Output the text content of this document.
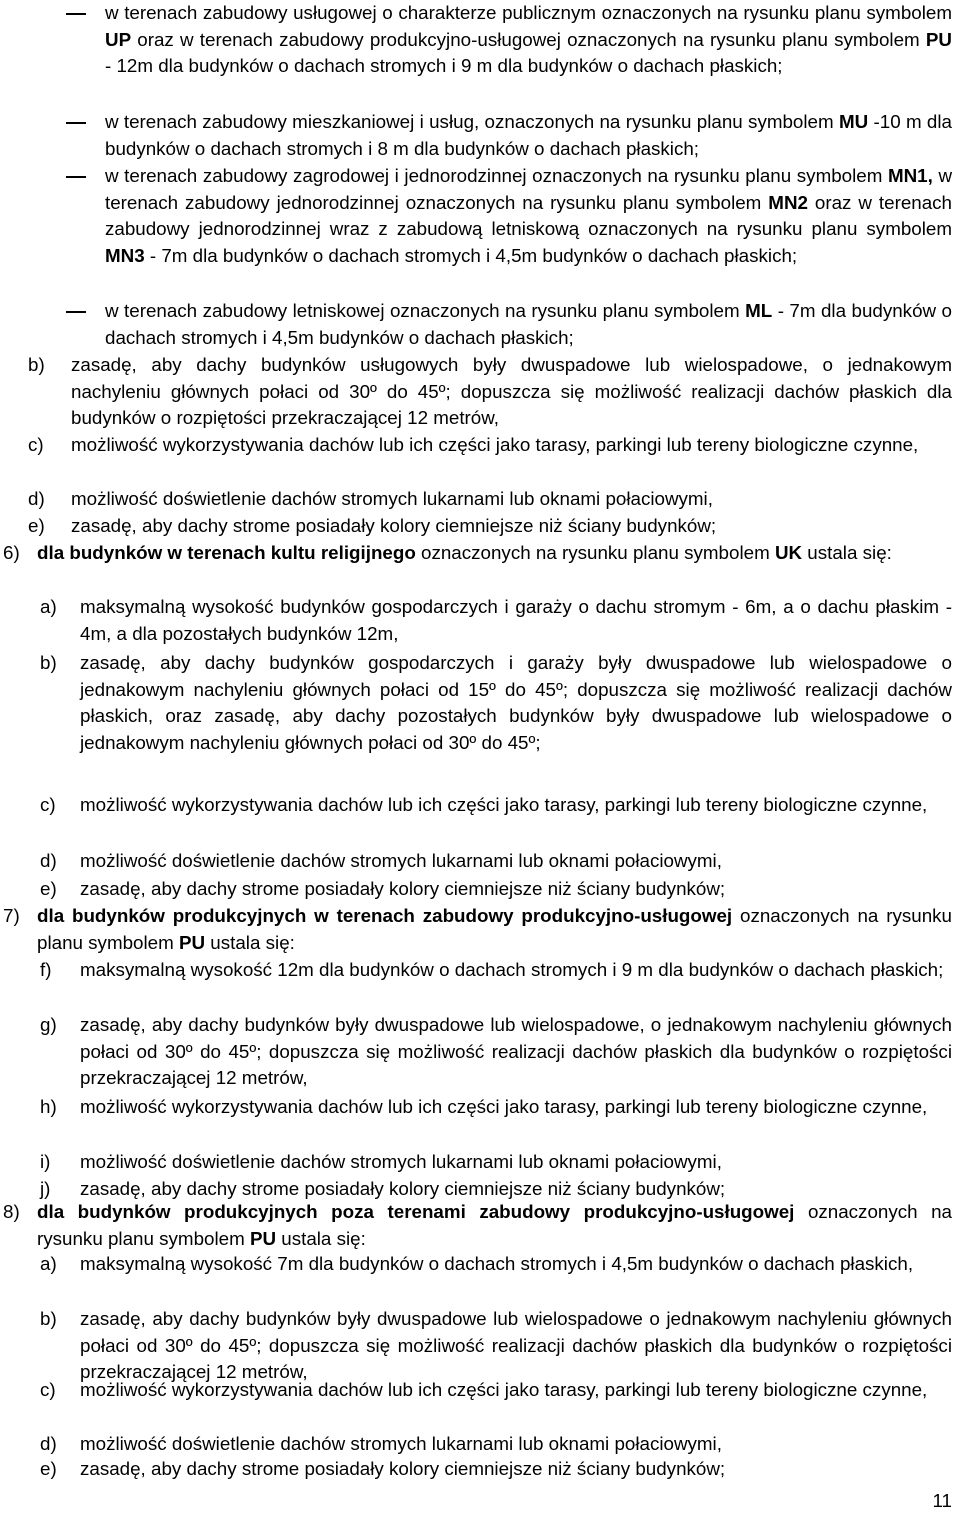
w terenach zabudowy usługowej o charakterze publicznym oznaczonych na rysunku planu symbolem UP oraz w terenach zabudowy produkcyjno-usługowej oznaczonych na rysunku planu symbolem PU - 12m dla budynków o dachach stromych i 9 m dla budynków o dachach płaskich;
w terenach zabudowy mieszkaniowej i usług, oznaczonych na rysunku planu symbolem MU -10 m dla budynków o dachach stromych i 8 m dla budynków o dachach płaskich;
w terenach zabudowy zagrodowej i jednorodzinnej oznaczonych na rysunku planu symbolem MN1, w terenach zabudowy jednorodzinnej oznaczonych na rysunku planu symbolem MN2 oraz w terenach zabudowy jednorodzinnej wraz z zabudową letniskową oznaczonych na rysunku planu symbolem MN3 - 7m dla budynków o dachach stromych i 4,5m budynków o dachach płaskich;
w terenach zabudowy letniskowej oznaczonych na rysunku planu symbolem ML - 7m dla budynków o dachach stromych i 4,5m budynków o dachach płaskich;
b) zasadę, aby dachy budynków usługowych były dwuspadowe lub wielospadowe, o jednakowym nachyleniu głównych połaci od 30º do 45º; dopuszcza się możliwość realizacji dachów płaskich dla budynków o rozpiętości przekraczającej 12 metrów,
c) możliwość wykorzystywania dachów lub ich części jako tarasy, parkingi lub tereny biologiczne czynne,
d) możliwość doświetlenie dachów stromych lukarnami lub oknami połaciowymi,
e) zasadę, aby dachy strome posiadały kolory ciemniejsze niż ściany budynków;
6) dla budynków w terenach kultu religijnego oznaczonych na rysunku planu symbolem UK ustala się:
a) maksymalną wysokość budynków gospodarczych i garaży o dachu stromym - 6m, a o dachu płaskim - 4m, a dla pozostałych budynków 12m,
b) zasadę, aby dachy budynków gospodarczych i garaży były dwuspadowe lub wielospadowe o jednakowym nachyleniu głównych połaci od 15º do 45º; dopuszcza się możliwość realizacji dachów płaskich, oraz zasadę, aby dachy pozostałych budynków były dwuspadowe lub wielospadowe o jednakowym nachyleniu głównych połaci od 30º do 45º;
c) możliwość wykorzystywania dachów lub ich części jako tarasy, parkingi lub tereny biologiczne czynne,
d) możliwość doświetlenie dachów stromych lukarnami lub oknami połaciowymi,
e) zasadę, aby dachy strome posiadały kolory ciemniejsze niż ściany budynków;
7) dla budynków produkcyjnych w terenach zabudowy produkcyjno-usługowej oznaczonych na rysunku planu symbolem PU ustala się:
f) maksymalną wysokość 12m dla budynków o dachach stromych i 9 m dla budynków o dachach płaskich;
g) zasadę, aby dachy budynków były dwuspadowe lub wielospadowe, o jednakowym nachyleniu głównych połaci od 30º do 45º; dopuszcza się możliwość realizacji dachów płaskich dla budynków o rozpiętości przekraczającej 12 metrów,
h) możliwość wykorzystywania dachów lub ich części jako tarasy, parkingi lub tereny biologiczne czynne,
i) możliwość doświetlenie dachów stromych lukarnami lub oknami połaciowymi,
j) zasadę, aby dachy strome posiadały kolory ciemniejsze niż ściany budynków;
8) dla budynków produkcyjnych poza terenami zabudowy produkcyjno-usługowej oznaczonych na rysunku planu symbolem PU ustala się:
a) maksymalną wysokość 7m dla budynków o dachach stromych i 4,5m budynków o dachach płaskich,
b) zasadę, aby dachy budynków były dwuspadowe lub wielospadowe o jednakowym nachyleniu głównych połaci od 30º do 45º; dopuszcza się możliwość realizacji dachów płaskich dla budynków o rozpiętości przekraczającej 12 metrów,
c) możliwość wykorzystywania dachów lub ich części jako tarasy, parkingi lub tereny biologiczne czynne,
d) możliwość doświetlenie dachów stromych lukarnami lub oknami połaciowymi,
e) zasadę, aby dachy strome posiadały kolory ciemniejsze niż ściany budynków;
11
